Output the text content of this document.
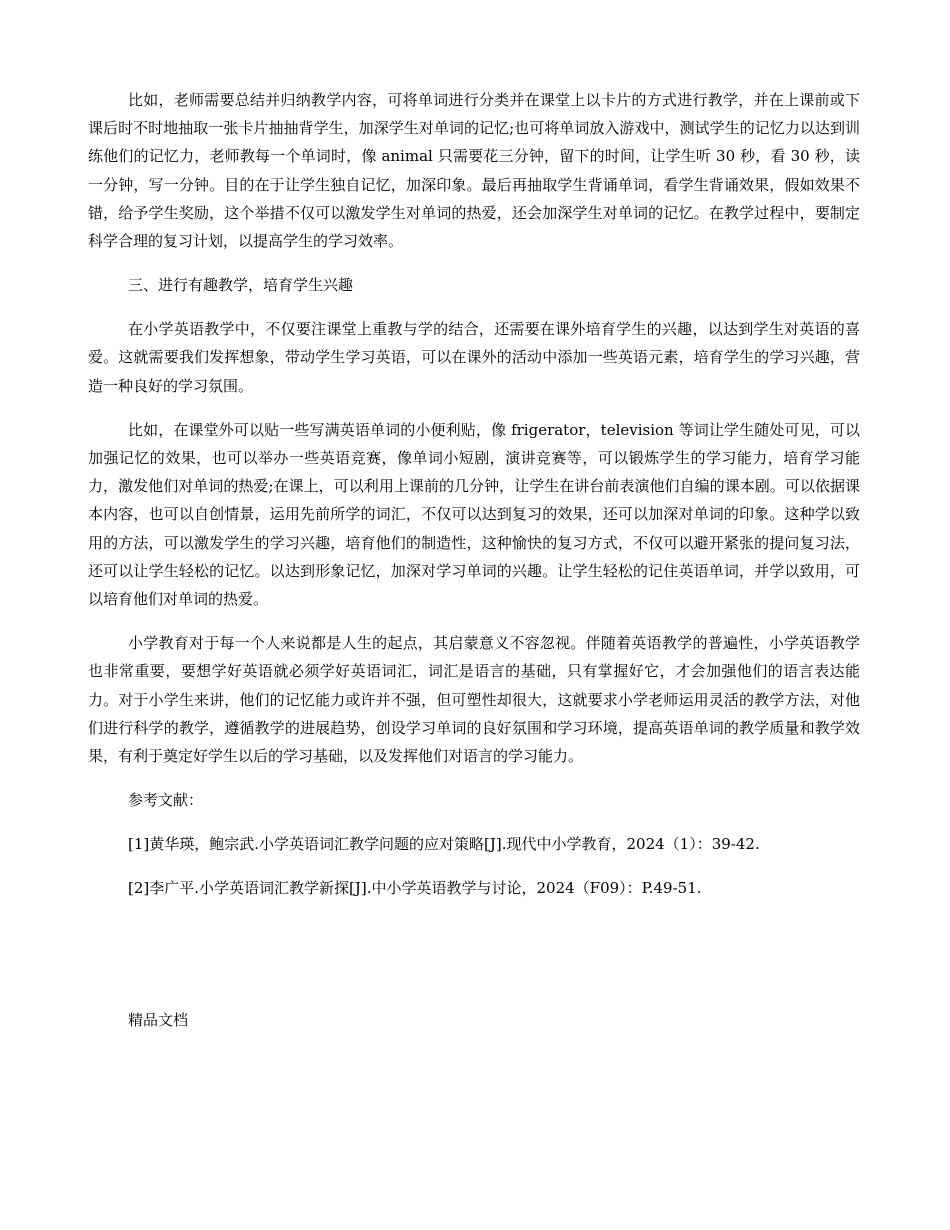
比如，老师需要总结并归纳教学内容，可将单词进行分类并在课堂上以卡片的方式进行教学，并在上课前或下课后时不时地抽取一张卡片抽抽背学生，加深学生对单词的记忆;也可将单词放入游戏中，测试学生的记忆力以达到训练他们的记忆力，老师教每一个单词时，像 animal 只需要花三分钟，留下的时间，让学生听 30 秒，看 30 秒，读一分钟，写一分钟。目的在于让学生独自记忆，加深印象。最后再抽取学生背诵单词，看学生背诵效果，假如效果不错，给予学生奖励，这个举措不仅可以激发学生对单词的热爱，还会加深学生对单词的记忆。在教学过程中，要制定科学合理的复习计划，以提高学生的学习效率。

三、进行有趣教学，培育学生兴趣

在小学英语教学中，不仅要注课堂上重教与学的结合，还需要在课外培育学生的兴趣，以达到学生对英语的喜爱。这就需要我们发挥想象，带动学生学习英语，可以在课外的活动中添加一些英语元素，培育学生的学习兴趣，营造一种良好的学习氛围。

比如，在课堂外可以贴一些写满英语单词的小便利贴，像 frigerator，television 等词让学生随处可见，可以加强记忆的效果，也可以举办一些英语竞赛，像单词小短剧，演讲竞赛等，可以锻炼学生的学习能力，培育学习能力，激发他们对单词的热爱;在课上，可以利用上课前的几分钟，让学生在讲台前表演他们自编的课本剧。可以依据课本内容，也可以自创情景，运用先前所学的词汇，不仅可以达到复习的效果，还可以加深对单词的印象。这种学以致用的方法，可以激发学生的学习兴趣，培育他们的制造性，这种愉快的复习方式，不仅可以避开紧张的提问复习法，还可以让学生轻松的记忆。以达到形象记忆，加深对学习单词的兴趣。让学生轻松的记住英语单词，并学以致用，可以培育他们对单词的热爱。

小学教育对于每一个人来说都是人生的起点，其启蒙意义不容忽视。伴随着英语教学的普遍性，小学英语教学也非常重要，要想学好英语就必须学好英语词汇，词汇是语言的基础，只有掌握好它，才会加强他们的语言表达能力。对于小学生来讲，他们的记忆能力或许并不强，但可塑性却很大，这就要求小学老师运用灵活的教学方法，对他们进行科学的教学，遵循教学的进展趋势，创设学习单词的良好氛围和学习环境，提高英语单词的教学质量和教学效果，有利于奠定好学生以后的学习基础，以及发挥他们对语言的学习能力。

参考文献：
[1]黄华瑛，鲍宗武.小学英语词汇教学问题的应对策略[J].现代中小学教育，2024（1）：39-42.
[2]李广平.小学英语词汇教学新探[J].中小学英语教学与讨论，2024（F09）：P.49-51.
精品文档
